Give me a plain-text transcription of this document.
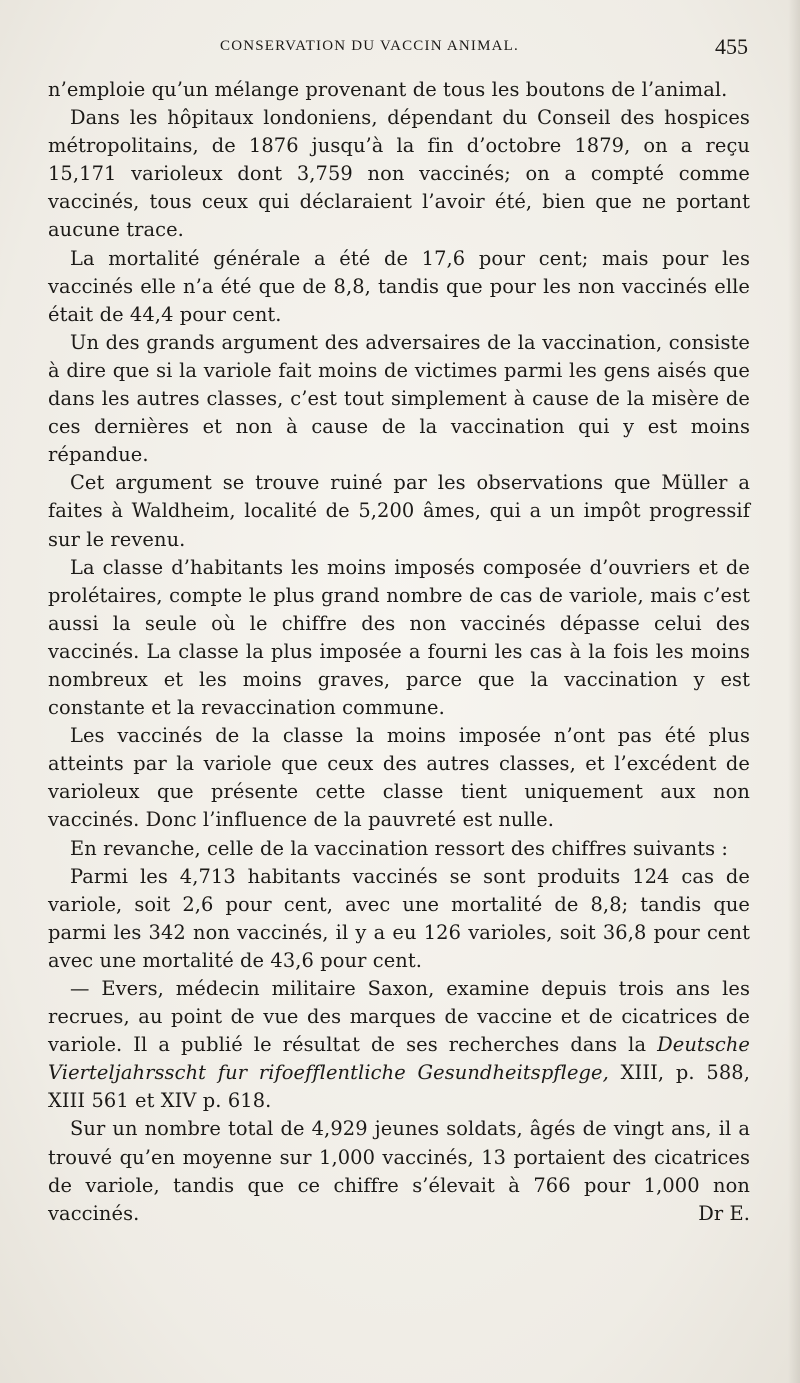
CONSERVATION DU VACCIN ANIMAL.	455

n’emploie qu’un mélange provenant de tous les boutons de l’animal.

Dans les hôpitaux londoniens, dépendant du Conseil des hospices métropolitains, de 1876 jusqu’à la fin d’octobre 1879, on a reçu 15,171 varioleux dont 3,759 non vaccinés; on a compté comme vaccinés, tous ceux qui déclaraient l’avoir été, bien que ne portant aucune trace.

La mortalité générale a été de 17,6 pour cent; mais pour les vaccinés elle n’a été que de 8,8, tandis que pour les non vaccinés elle était de 44,4 pour cent.

Un des grands argument des adversaires de la vaccination, consiste à dire que si la variole fait moins de victimes parmi les gens aisés que dans les autres classes, c’est tout simplement à cause de la misère de ces dernières et non à cause de la vaccination qui y est moins répandue.

Cet argument se trouve ruiné par les observations que Müller a faites à Waldheim, localité de 5,200 âmes, qui a un impôt progressif sur le revenu.

La classe d’habitants les moins imposés composée d’ouvriers et de prolétaires, compte le plus grand nombre de cas de variole, mais c’est aussi la seule où le chiffre des non vaccinés dépasse celui des vaccinés. La classe la plus imposée a fourni les cas à la fois les moins nombreux et les moins graves, parce que la vaccination y est constante et la revaccination commune.

Les vaccinés de la classe la moins imposée n’ont pas été plus atteints par la variole que ceux des autres classes, et l’excédent de varioleux que présente cette classe tient uniquement aux non vaccinés. Donc l’influence de la pauvreté est nulle.

En revanche, celle de la vaccination ressort des chiffres suivants :

Parmi les 4,713 habitants vaccinés se sont produits 124 cas de variole, soit 2,6 pour cent, avec une mortalité de 8,8; tandis que parmi les 342 non vaccinés, il y a eu 126 varioles, soit 36,8 pour cent avec une mortalité de 43,6 pour cent.

— Evers, médecin militaire Saxon, examine depuis trois ans les recrues, au point de vue des marques de vaccine et de cicatrices de variole. Il a publié le résultat de ses recherches dans la Deutsche Vierteljahrsscht fur rifoefflentliche Gesundheitspflege, XIII, p. 588, XIII 561 et XIV p. 618.

Sur un nombre total de 4,929 jeunes soldats, âgés de vingt ans, il a trouvé qu’en moyenne sur 1,000 vaccinés, 13 portaient des cicatrices de variole, tandis que ce chiffre s’élevait à 766 pour 1,000 non vaccinés.	Dr E.
